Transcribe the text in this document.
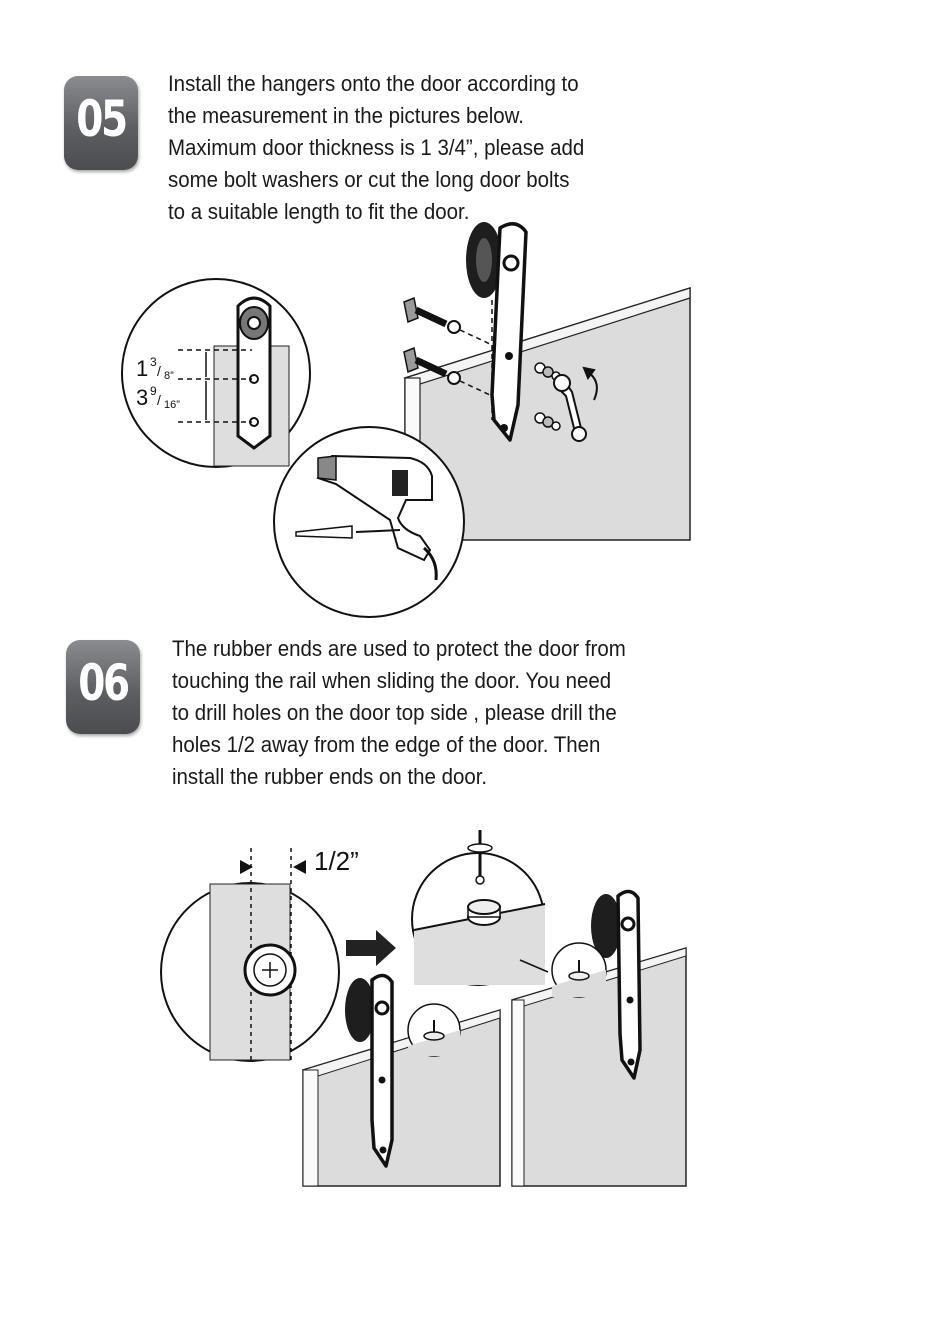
05
Install the hangers onto the door according to
the measurement in the pictures below.
Maximum door thickness is 1 3/4”, please add
some bolt washers or cut the long door bolts
to a suitable length to fit the door.
1 3
/ 8”
3 9
/ 16”
06
The rubber ends are used to protect the door from
touching the rail when sliding the door. You need
to drill holes on the door top side , please drill the
holes 1/2 away from the edge of the door. Then
install the rubber ends on the door.
1/2”
